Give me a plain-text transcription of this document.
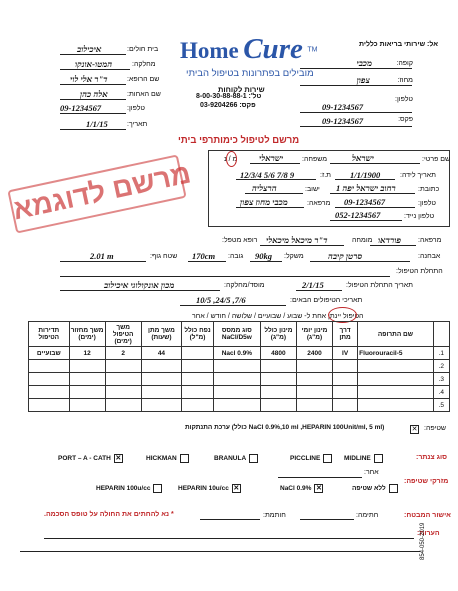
Home Cure ™
מובילים בפתרונות בטיפול הביתי
שירות לקוחות
טל': 8-00-30-88-88-1
פקס: 03-9204266
אל: שירותי בריאות כללית
קופה:
מכבי
מחוז:
צפון
טלפון:
09-1234567
פקס:
09-1234567
בית חולים:
איכילוב
מחלקה:
המטו-אונקו
שם הרופא:
ד"ר אלי לוי
שם האחות:
אלה כהן
טלפון:
09-1234567
תאריך:
1/1/15
מרשם לטיפול כימותרפי ביתי
מרשם לדוגמא	שם פרטי:
ישראל
משפחה:
ישראלי
מ / נ
תאריך לידה:
1/1/1900
ת.ז:
12/3/4 5/6 7/8 9
כתובת:
רחוב ישראל יפה 1
ישוב:
הרצליה
טלפון:
09-1234567
מרפאה:
מכבי מחוז צפון
טלפון נייד:
052-1234567
מרפאה:
פורדאו
מומחה
ד"ר מיכאל מיכאלי
רופא מטפל:
אבחנה:
סרטן קיבה
משקל:
90kg
גובה:
170cm
שטח גוף:
2.01 m
התחלת הטיפול:
מוסד/מחלקה:
מכון אונקולוגי איכילוב	תאריך התחלת הטיפול:
2/1/15
תאריכי הטיפולים הבאים:
10/5 ,24/5 ,7/6
הטיפול יינתן אחת ל- שבוע / שבועיים / שלושה / חודש / אחר
	שם התרופה	דרך מתן	מינון יומי (מ"ג)	מינון כולל (מ"ג)	סוג ממסס NaCl/D5w	נפח כולל (מ"ל)	משך מתן (שעות)	משך הטיפול (ימים)	משך מחזור (ימים)	תדירות הטיפול
1.	5-Fluorouracil	IV	2400	4800	Nacl 0.9%		44	2	12	שבועיים
2.										
3.										
4.										
5.										
שטיפה:
✕
ערכת התנתקות (כולל NaCl 0.9%,10 ml ,HEPARIN 100Unit/ml, 5 ml)
סוג צנתר:
MIDLINE
PICCLINE
BRANULA
HICKMAN
PORT – A - CATH ✕
אחר:
מזרקי שטיפה:
ללא שטיפה
NaCl 0.9% ✕
HEPARIN 10u/cc ✕
HEPARIN 100u/cc
אישור המבטח:
חתימה:
חותמת:
* נא להחתים את החולה על טופס הסכמה.
הערות:
854-050-2019
